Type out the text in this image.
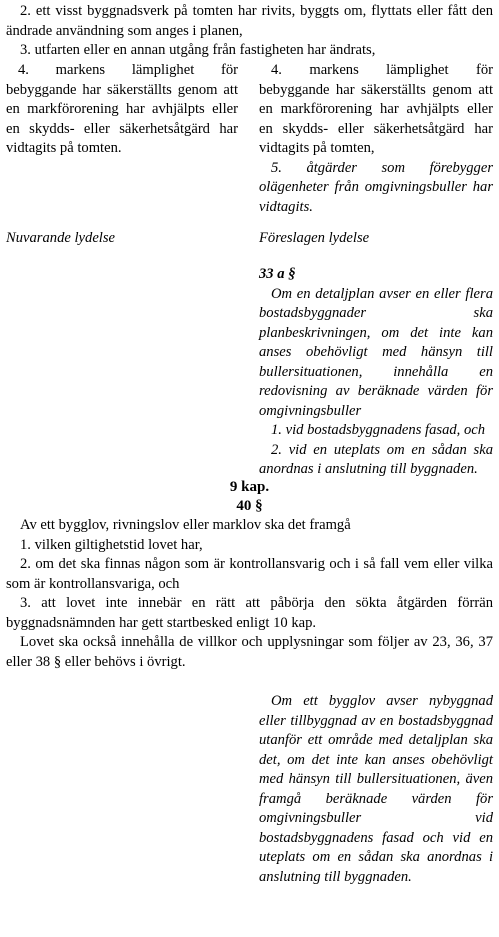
2. ett visst byggnadsverk på tomten har rivits, byggts om, flyttats eller fått den ändrade användning som anges i planen,

3. utfarten eller en annan utgång från fastigheten har ändrats,

4. markens lämplighet för bebyggande har säkerställts genom att en markförorening har avhjälpts eller en skydds- eller säkerhetsåtgärd har vidtagits på tomten.

4. markens lämplighet för bebyggande har säkerställts genom att en markförorening har avhjälpts eller en skydds- eller säkerhetsåtgärd har vidtagits på tomten,

5. åtgärder som förebygger olägenheter från omgivningsbuller har vidtagits.

Nuvarande lydelse	Föreslagen lydelse

33 a §

Om en detaljplan avser en eller flera bostadsbyggnader ska planbeskrivningen, om det inte kan anses obehövligt med hänsyn till bullersituationen, innehålla en redovisning av beräknade värden för omgivningsbuller

1. vid bostadsbyggnadens fasad, och

2. vid en uteplats om en sådan ska anordnas i anslutning till byggnaden.

9 kap.
40 §

Av ett bygglov, rivningslov eller marklov ska det framgå

1. vilken giltighetstid lovet har,

2. om det ska finnas någon som är kontrollansvarig och i så fall vem eller vilka som är kontrollansvariga, och

3. att lovet inte innebär en rätt att påbörja den sökta åtgärden förrän byggnadsnämnden har gett startbesked enligt 10 kap.

Lovet ska också innehålla de villkor och upplysningar som följer av 23, 36, 37 eller 38 § eller behövs i övrigt.

Om ett bygglov avser nybyggnad eller tillbyggnad av en bostadsbyggnad utanför ett område med detaljplan ska det, om det inte kan anses obehövligt med hänsyn till bullersituationen, även framgå beräknade värden för omgivningsbuller vid bostadsbyggnadens fasad och vid en uteplats om en sådan ska anordnas i anslutning till byggnaden.
